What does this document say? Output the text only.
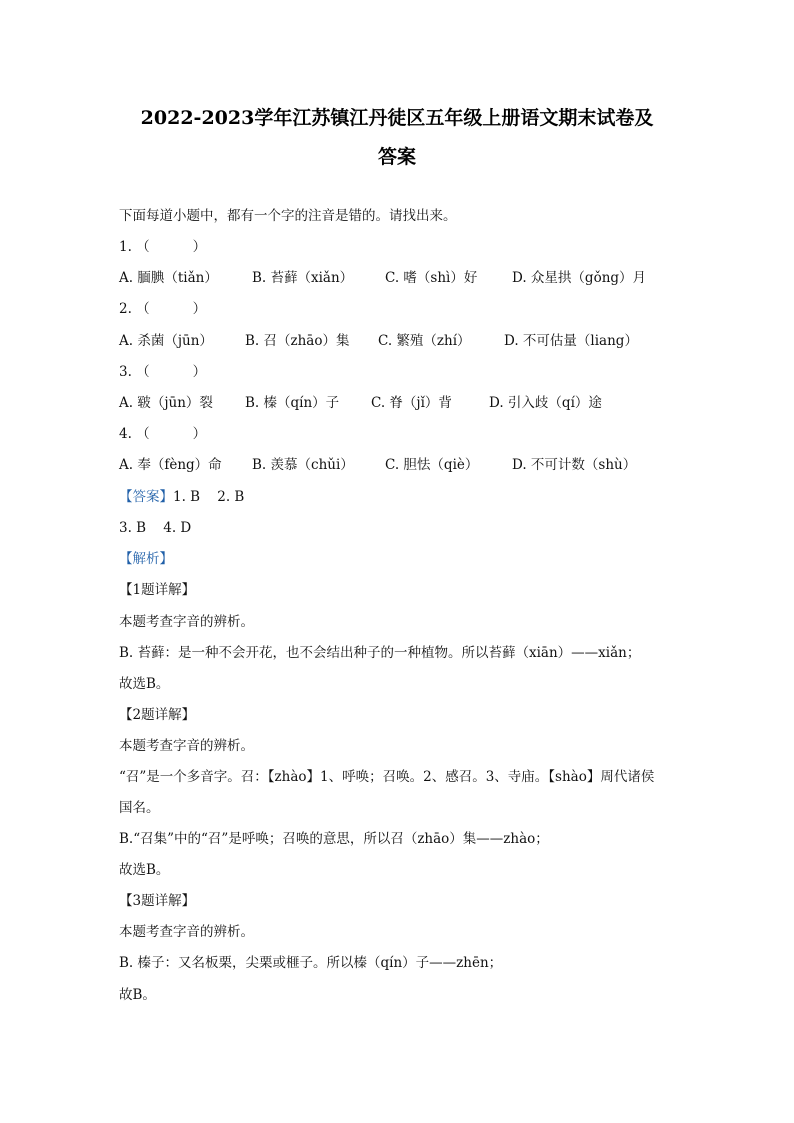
2022-2023学年江苏镇江丹徒区五年级上册语文期末试卷及
答案
下面每道小题中，都有一个字的注音是错的。请找出来。
1. （          ）
A. 腼腆（tiǎn）	B. 苔藓（xiǎn）	C. 嗜（shì）好	D. 众星拱（gǒng）月
2. （          ）
A. 杀菌（jūn）	B. 召（zhāo）集	C. 繁殖（zhí）	D. 不可估量（liang）
3. （          ）
A. 皲（jūn）裂	B. 榛（qín）子	C. 脊（jǐ）背	D. 引入歧（qí）途
4. （          ）
A. 奉（fèng）命	B. 羡慕（chǔi）	C. 胆怯（qiè）	D. 不可计数（shù）
【答案】1. B    2. B
3. B    4. D
【解析】
【1题详解】
本题考查字音的辨析。
B. 苔藓：是一种不会开花，也不会结出种子的一种植物。所以苔藓（xiān）——xiǎn；
故选B。
【2题详解】
本题考查字音的辨析。
“召”是一个多音字。召：【zhào】1、呼唤；召唤。2、感召。3、寺庙。【shào】周代诸侯
国名。
B.“召集”中的“召”是呼唤；召唤的意思，所以召（zhāo）集——zhào；
故选B。
【3题详解】
本题考查字音的辨析。
B. 榛子：又名板栗，尖栗或榧子。所以榛（qín）子——zhēn；
故B。
